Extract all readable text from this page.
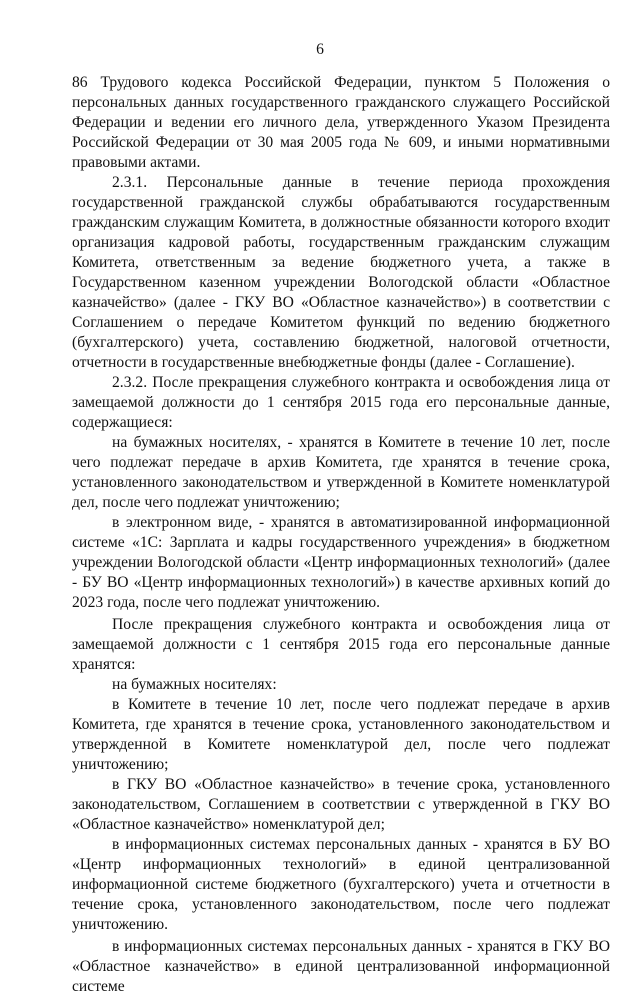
6

86 Трудового кодекса Российской Федерации, пунктом 5 Положения о персональных данных государственного гражданского служащего Российской Федерации и ведении его личного дела, утвержденного Указом Президента Российской Федерации от 30 мая 2005 года № 609, и иными нормативными правовыми актами.

2.3.1. Персональные данные в течение периода прохождения государственной гражданской службы обрабатываются государственным гражданским служащим Комитета, в должностные обязанности которого входит организация кадровой работы, государственным гражданским служащим Комитета, ответственным за ведение бюджетного учета, а также в Государственном казенном учреждении Вологодской области «Областное казначейство» (далее - ГКУ ВО «Областное казначейство») в соответствии с Соглашением о передаче Комитетом функций по ведению бюджетного (бухгалтерского) учета, составлению бюджетной, налоговой отчетности, отчетности в государственные внебюджетные фонды (далее - Соглашение).

2.3.2. После прекращения служебного контракта и освобождения лица от замещаемой должности до 1 сентября 2015 года его персональные данные, содержащиеся:

на бумажных носителях, - хранятся в Комитете в течение 10 лет, после чего подлежат передаче в архив Комитета, где хранятся в течение срока, установленного законодательством и утвержденной в Комитете номенклатурой дел, после чего подлежат уничтожению;

в электронном виде, - хранятся в автоматизированной информационной системе «1С: Зарплата и кадры государственного учреждения» в бюджетном учреждении Вологодской области «Центр информационных технологий» (далее - БУ ВО «Центр информационных технологий») в качестве архивных копий до 2023 года, после чего подлежат уничтожению.

После прекращения служебного контракта и освобождения лица от замещаемой должности с 1 сентября 2015 года его персональные данные хранятся:

на бумажных носителях:

в Комитете в течение 10 лет, после чего подлежат передаче в архив Комитета, где хранятся в течение срока, установленного законодательством и утвержденной в Комитете номенклатурой дел, после чего подлежат уничтожению;

в ГКУ ВО «Областное казначейство» в течение срока, установленного законодательством, Соглашением в соответствии с утвержденной в ГКУ ВО «Областное казначейство» номенклатурой дел;

в информационных системах персональных данных - хранятся в БУ ВО «Центр информационных технологий» в единой централизованной информационной системе бюджетного (бухгалтерского) учета и отчетности в течение срока, установленного законодательством, после чего подлежат уничтожению.

в информационных системах персональных данных - хранятся в ГКУ ВО «Областное казначейство» в единой централизованной информационной системе
